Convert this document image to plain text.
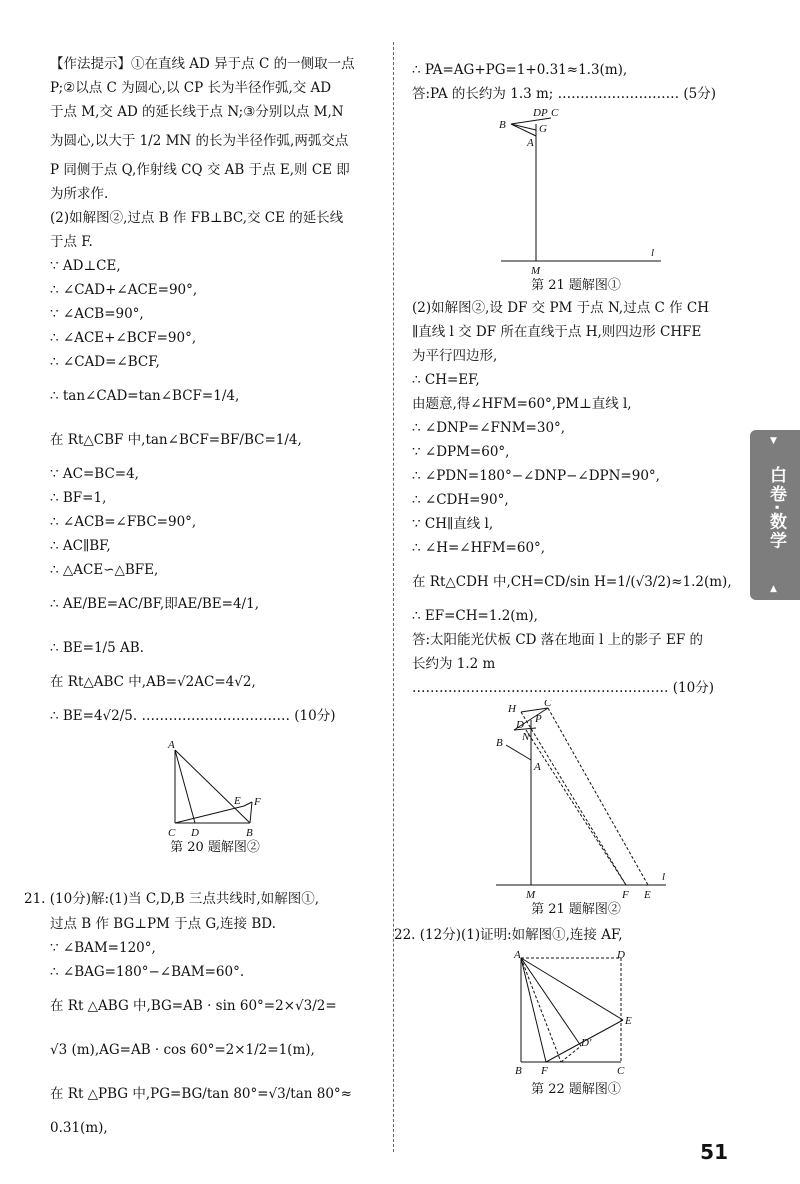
【作法提示】①在直线 AD 异于点 C 的一侧取一点
P;②以点 C 为圆心,以 CP 长为半径作弧,交 AD
于点 M,交 AD 的延长线于点 N;③分别以点 M,N
为圆心,以大于 1/2 MN 的长为半径作弧,两弧交点
P 同侧于点 Q,作射线 CQ 交 AB 于点 E,则 CE 即
为所求作.
(2)如解图②,过点 B 作 FB⊥BC,交 CE 的延长线
于点 F.
∵ AD⊥CE,
∴ ∠CAD+∠ACE=90°,
∵ ∠ACB=90°,
∴ ∠ACE+∠BCF=90°,
∴ ∠CAD=∠BCF,
∴ tan∠CAD=tan∠BCF=1/4,
在 Rt△CBF 中,tan∠BCF=BF/BC=1/4,
∵ AC=BC=4,
∴ BF=1,
∴ ∠ACB=∠FBC=90°,
∴ AC∥BF,
∴ △ACE∽△BFE,
∴ AE/BE=AC/BF,即AE/BE=4/1,
∴ BE=1/5 AB.
在 Rt△ABC 中,AB=√2AC=4√2,
∴ BE=4√2/5. …………………………… (10分)
A
E F
C D	B
第 20 题解图②
21. (10分)解:(1)当 C,D,B 三点共线时,如解图①,
过点 B 作 BG⊥PM 于点 G,连接 BD.
∵ ∠BAM=120°,
∴ ∠BAG=180°−∠BAM=60°.
在 Rt △ABG 中,BG=AB · sin 60°=2×√3/2=
√3 (m),AG=AB · cos 60°=2×1/2=1(m),
在 Rt △PBG 中,PG=BG/tan 80°=√3/tan 80°≈
0.31(m),
∴ PA=AG+PG=1+0.31≈1.3(m),
答:PA 的长约为 1.3 m; ……………………… (5分)
D P C
B	G
A
M
l
第 21 题解图①
(2)如解图②,设 DF 交 PM 于点 N,过点 C 作 CH
∥直线 l 交 DF 所在直线于点 H,则四边形 CHFE
为平行四边形,
∴ CH=EF,
由题意,得∠HFM=60°,PM⊥直线 l,
∴ ∠DNP=∠FNM=30°,
∵ ∠DPM=60°,
∴ ∠PDN=180°−∠DNP−∠DPN=90°,
∴ ∠CDH=90°,
∵ CH∥直线 l,
∴ ∠H=∠HFM=60°,
在 Rt△CDH 中,CH=CD/sin H=1/(√3/2)≈1.2(m),
∴ EF=CH=1.2(m),
答:太阳能光伏板 CD 落在地面 l 上的影子 EF 的
长约为 1.2 m
………………………………………………… (10分)
H	C
D P
N
B
A
M	F E
l
第 21 题解图②
22. (12分)(1)证明:如解图①,连接 AF,
A	D
E
D′
B F	C
第 22 题解图①
▼
白卷·数学
▲
51
